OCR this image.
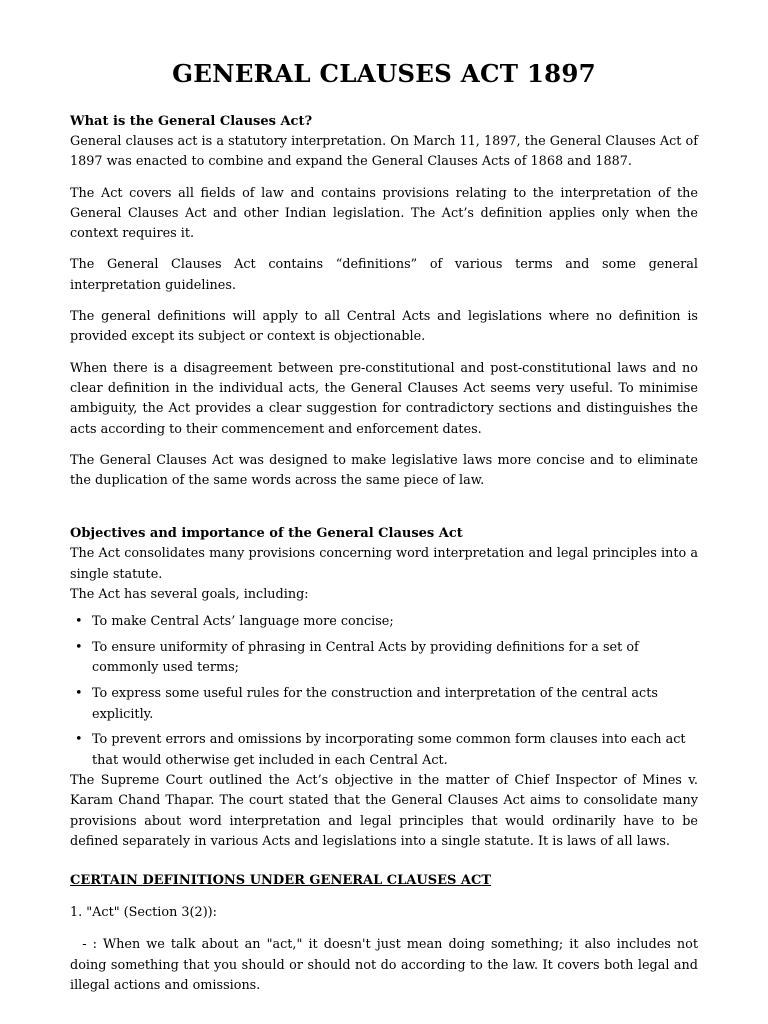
GENERAL CLAUSES ACT 1897
What is the General Clauses Act?

General clauses act is a statutory interpretation. On March 11, 1897, the General Clauses Act of 1897 was enacted to combine and expand the General Clauses Acts of 1868 and 1887.

The Act covers all fields of law and contains provisions relating to the interpretation of the General Clauses Act and other Indian legislation. The Act’s definition applies only when the context requires it.

The General Clauses Act contains “definitions” of various terms and some general interpretation guidelines.

The general definitions will apply to all Central Acts and legislations where no definition is provided except its subject or context is objectionable.

When there is a disagreement between pre-constitutional and post-constitutional laws and no clear definition in the individual acts, the General Clauses Act seems very useful. To minimise ambiguity, the Act provides a clear suggestion for contradictory sections and distinguishes the acts according to their commencement and enforcement dates.

The General Clauses Act was designed to make legislative laws more concise and to eliminate the duplication of the same words across the same piece of law.

Objectives and importance of the General Clauses Act

The Act consolidates many provisions concerning word interpretation and legal principles into a single statute.

The Act has several goals, including:

• To make Central Acts’ language more concise;
• To ensure uniformity of phrasing in Central Acts by providing definitions for a set of commonly used terms;
• To express some useful rules for the construction and interpretation of the central acts explicitly.
• To prevent errors and omissions by incorporating some common form clauses into each act that would otherwise get included in each Central Act.

The Supreme Court outlined the Act’s objective in the matter of Chief Inspector of Mines v. Karam Chand Thapar. The court stated that the General Clauses Act aims to consolidate many provisions about word interpretation and legal principles that would ordinarily have to be defined separately in various Acts and legislations into a single statute. It is laws of all laws.

CERTAIN DEFINITIONS UNDER GENERAL CLAUSES ACT

1. "Act" (Section 3(2)):

- : When we talk about an "act," it doesn't just mean doing something; it also includes not doing something that you should or should not do according to the law. It covers both legal and illegal actions and omissions.
